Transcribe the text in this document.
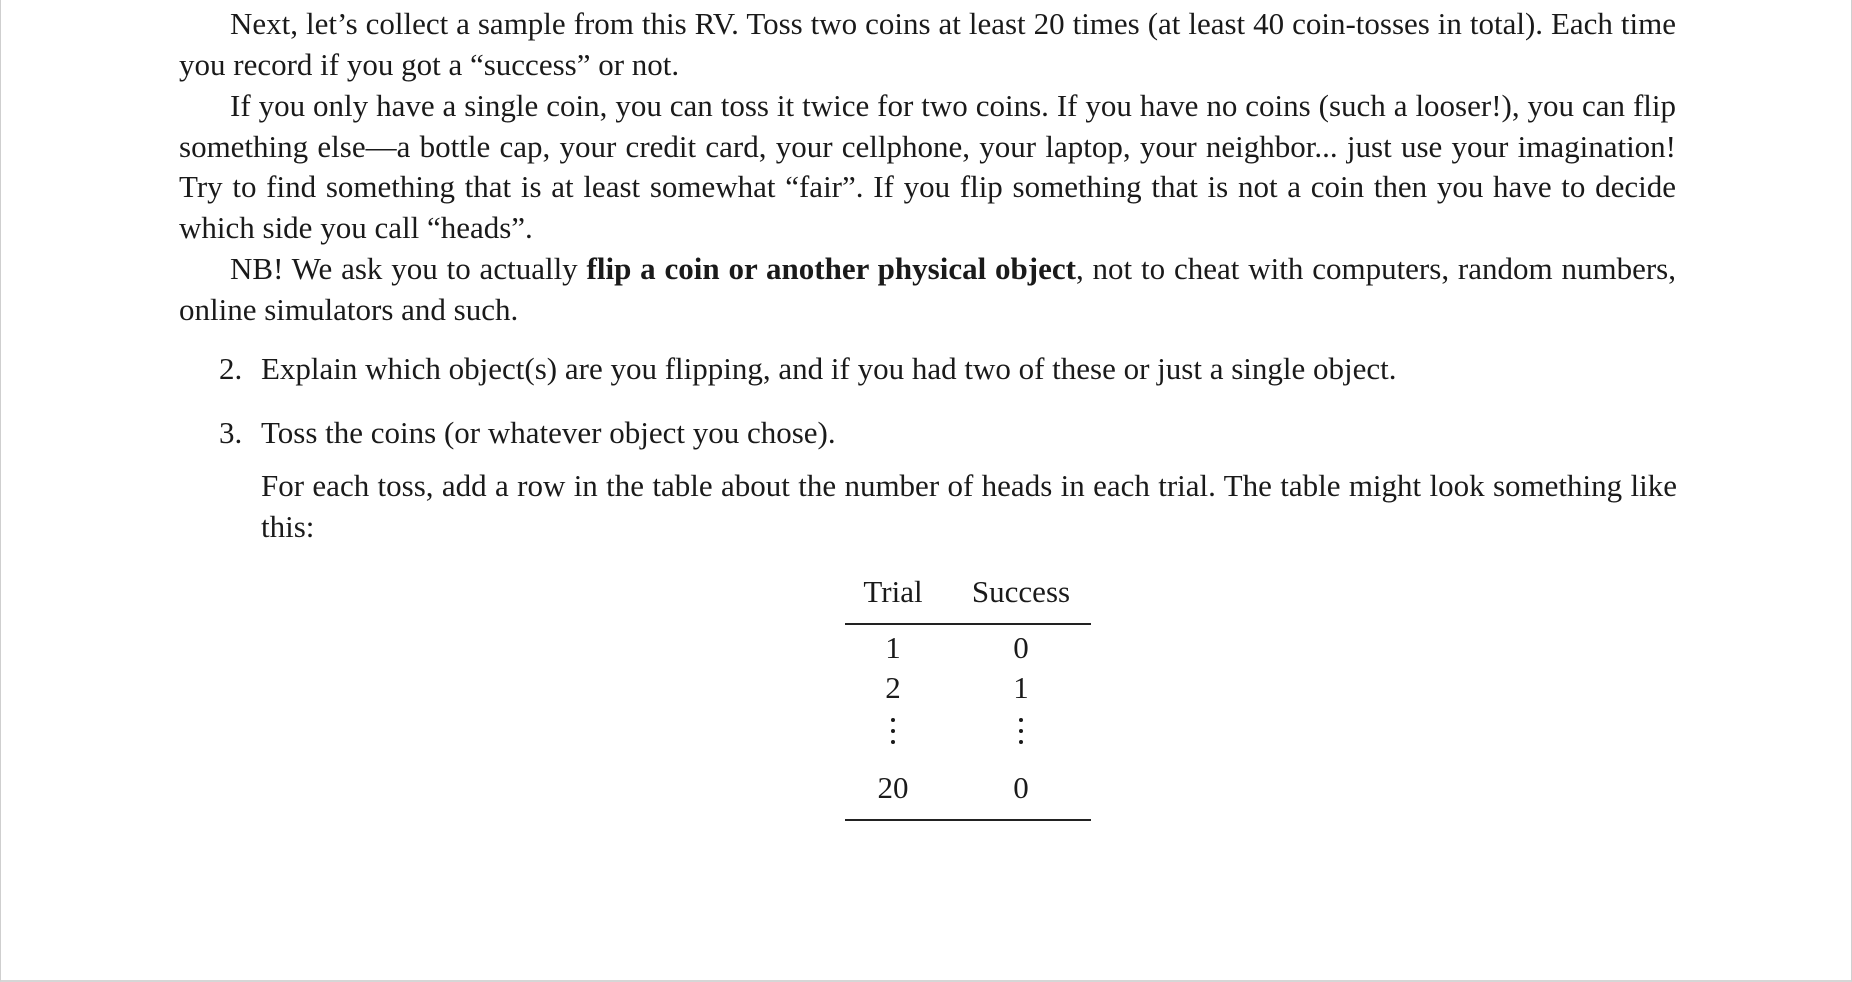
Next, let’s collect a sample from this RV. Toss two coins at least 20 times (at least 40 coin-tosses in total). Each time you record if you got a “success” or not.

If you only have a single coin, you can toss it twice for two coins. If you have no coins (such a looser!), you can flip something else—a bottle cap, your credit card, your cellphone, your laptop, your neighbor... just use your imagination! Try to find something that is at least somewhat “fair”. If you flip something that is not a coin then you have to decide which side you call “heads”.

NB! We ask you to actually flip a coin or another physical object, not to cheat with computers, random numbers, online simulators and such.

2. Explain which object(s) are you flipping, and if you had two of these or just a single object.

3. Toss the coins (or whatever object you chose).

For each toss, add a row in the table about the number of heads in each trial. The table might look something like this:

Trial
1
2
20
Success
0
1
0
